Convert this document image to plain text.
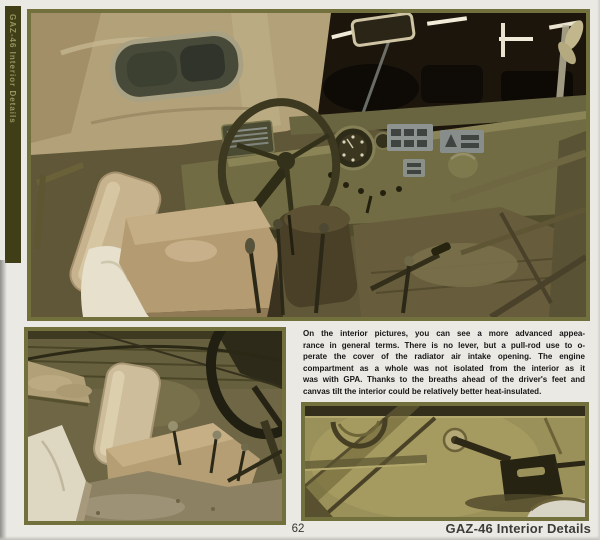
GAZ-46 Interior Details
On the interior pictures, you can see a more advanced appea-
rance in general terms. There is no lever, but a pull-rod use to o-
perate the cover of the radiator air intake opening. The engine
compartment as a whole was not isolated from the interior as it
was with GPA. Thanks to the breaths ahead of the driver's feet and
canvas tilt the interior could be relatively better heat-insulated.
62	GAZ-46 Interior Details
